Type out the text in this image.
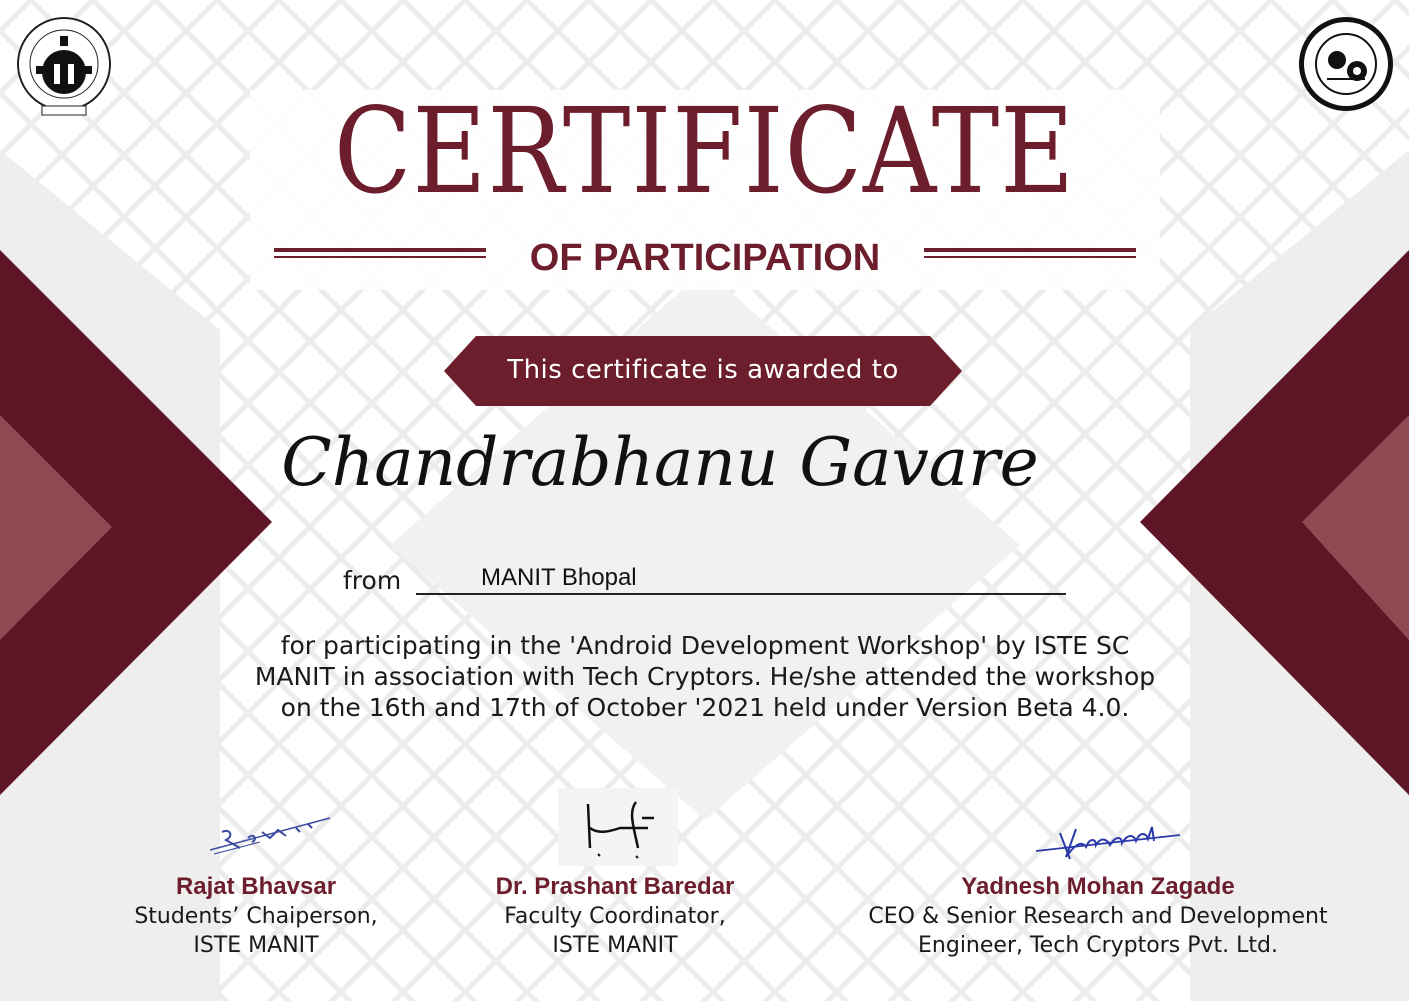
CERTIFICATE
OF PARTICIPATION
This certificate is awarded to
Chandrabhanu Gavare
from	MANIT Bhopal
for participating in the 'Android Development Workshop' by ISTE SC
MANIT in association with Tech Cryptors. He/she attended the workshop
on the 16th and 17th of October '2021 held under Version Beta 4.0.
Rajat Bhavsar
Students’ Chaiperson,
ISTE MANIT
Dr. Prashant Baredar
Faculty Coordinator,
ISTE MANIT
Yadnesh Mohan Zagade
CEO & Senior Research and Development
Engineer, Tech Cryptors Pvt. Ltd.
